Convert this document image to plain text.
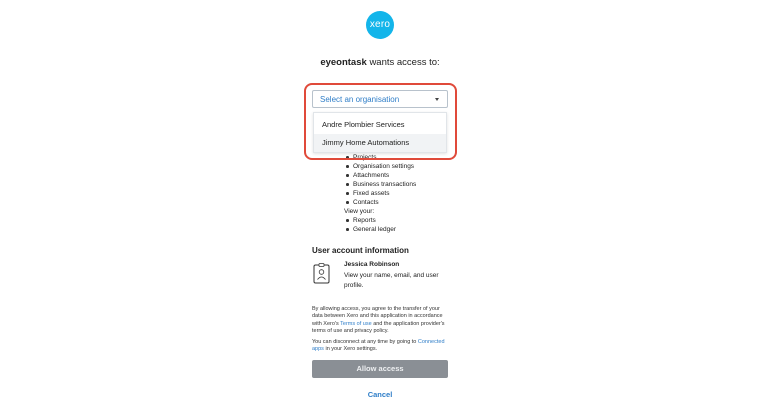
xero
eyeontask wants access to:
Select an organisation
Andre Plombier Services
Jimmy Home Automations
Projects
Organisation settings
Attachments
Business transactions
Fixed assets
Contacts
View your:
Reports
General ledger
User account information
Jessica Robinson
View your name, email, and user profile.
By allowing access, you agree to the transfer of your data between Xero and this application in accordance with Xero's Terms of use and the application provider's terms of use and privacy policy.
You can disconnect at any time by going to Connected apps in your Xero settings.
Allow access
Cancel
